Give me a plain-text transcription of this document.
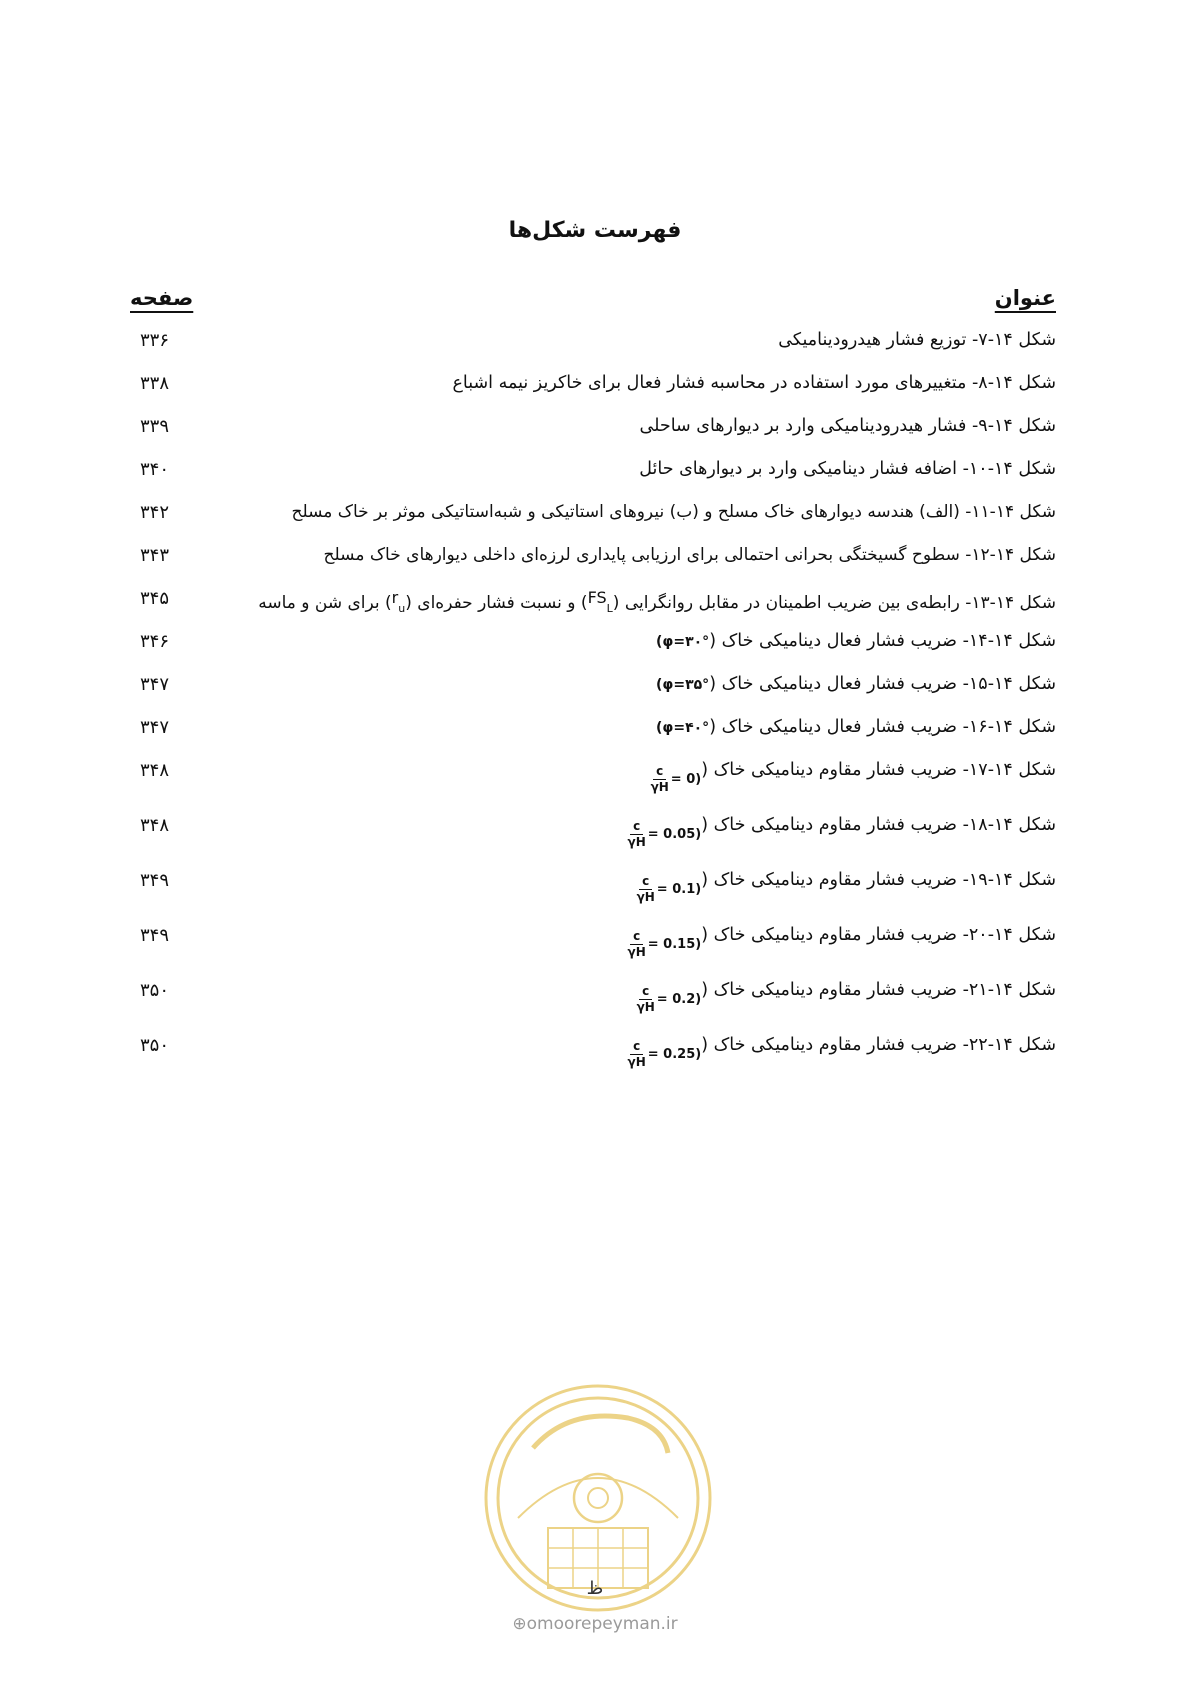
فهرست شکل‌ها
عنوان
صفحه
شکل ۱۴-۷- توزیع فشار هیدرودینامیکی
۳۳۶
شکل ۱۴-۸- متغییرهای مورد استفاده در محاسبه فشار فعال برای خاکریز نیمه اشباع
۳۳۸
شکل ۱۴-۹- فشار هیدرودینامیکی وارد بر دیوارهای ساحلی
۳۳۹
شکل ۱۴-۱۰- اضافه فشار دینامیکی وارد بر دیوارهای حائل
۳۴۰
شکل ۱۴-۱۱- (الف) هندسه دیوارهای خاک مسلح و (ب) نیروهای استاتیکی و شبه‌استاتیکی موثر بر خاک مسلح
۳۴۲
شکل ۱۴-۱۲- سطوح گسیختگی بحرانی احتمالی برای ارزیابی پایداری لرزه‌ای داخلی دیوارهای خاک مسلح
۳۴۳
شکل ۱۴-۱۳- رابطه‌ی بین ضریب اطمینان در مقابل روانگرایی $(FS_L)$ و نسبت فشار حفره‌ای $(r_u)$ برای شن و ماسه
۳۴۵
شکل ۱۴-۱۴- ضریب فشار فعال دینامیکی خاک (φ=۳۰°)
۳۴۶
شکل ۱۴-۱۵- ضریب فشار فعال دینامیکی خاک (φ=۳۵°)
۳۴۷
شکل ۱۴-۱۶- ضریب فشار فعال دینامیکی خاک (φ=۴۰°)
۳۴۷
شکل ۱۴-۱۷- ضریب فشار مقاوم دینامیکی خاک (
$\frac{c}{\gamma H} = 0$ )
۳۴۸
شکل ۱۴-۱۸- ضریب فشار مقاوم دینامیکی خاک (
$\frac{c}{\gamma H} = 0.05$ )
۳۴۸
شکل ۱۴-۱۹- ضریب فشار مقاوم دینامیکی خاک (
$\frac{c}{\gamma H} = 0.1$ )
۳۴۹
شکل ۱۴-۲۰- ضریب فشار مقاوم دینامیکی خاک (
$\frac{c}{\gamma H} = 0.15$ )
۳۴۹
شکل ۱۴-۲۱- ضریب فشار مقاوم دینامیکی خاک (
$\frac{c}{\gamma H} = 0.2$ )
۳۵۰
شکل ۱۴-۲۲- ضریب فشار مقاوم دینامیکی خاک (
$\frac{c}{\gamma H} = 0.25$ )
۳۵۰
ظ
⊕omoorepeyman.ir
